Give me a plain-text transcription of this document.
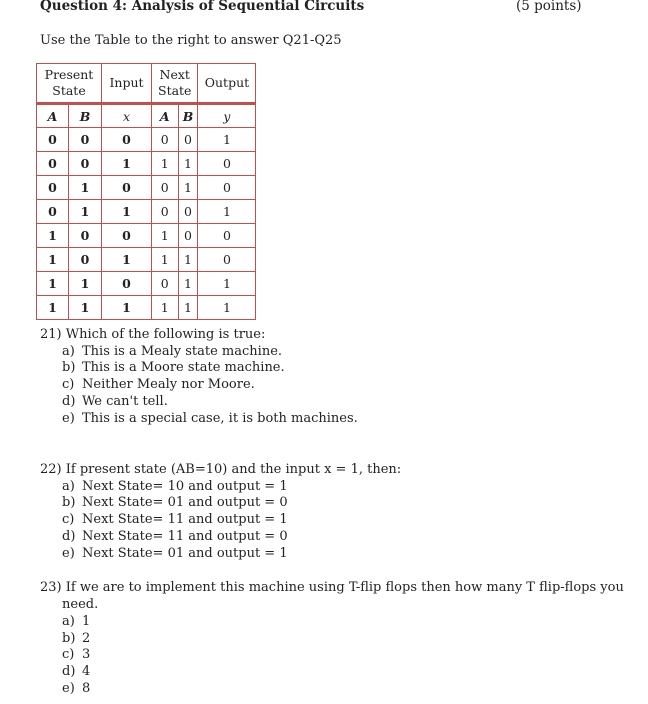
Question 4: Analysis of Sequential Circuits	(5 points)
Use the Table to the right to answer Q21-Q25
Present State		Input	Next State		Output
A	B	x	A	B	y
0	0	0	0	0	1
0	0	1	1	1	0
0	1	0	0	1	0
0	1	1	0	0	1
1	0	0	1	0	0
1	0	1	1	1	0
1	1	0	0	1	1
1	1	1	1	1	1
21) Which of the following is true:
a) This is a Mealy state machine.
b) This is a Moore state machine.
c) Neither Mealy nor Moore.
d) We can't tell.
e) This is a special case, it is both machines.
22) If present state (AB=10) and the input x = 1, then:
a) Next State= 10 and output = 1
b) Next State= 01 and output = 0
c) Next State= 11 and output = 1
d) Next State= 11 and output = 0
e) Next State= 01 and output = 1
23) If we are to implement this machine using T-flip flops then how many T flip-flops you
need.
a) 1
b) 2
c) 3
d) 4
e) 8
